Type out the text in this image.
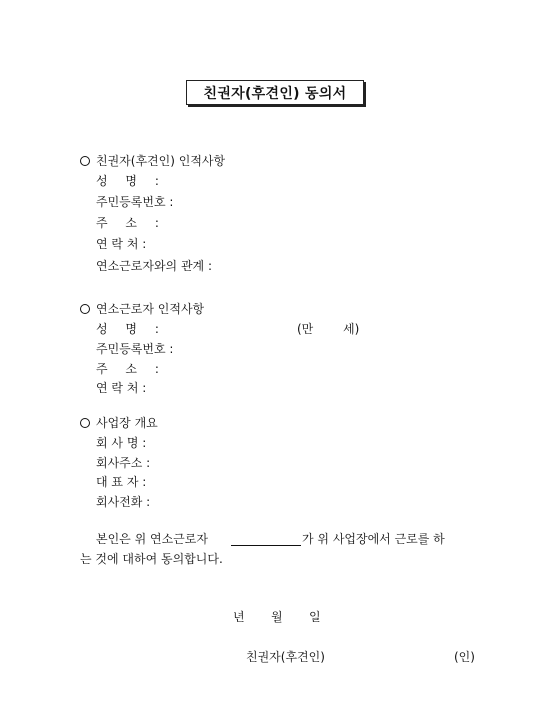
친권자(후견인) 동의서
친권자(후견인) 인적사항
성 명 :
주민등록번호 :
주 소 :
연 락 처 :
연소근로자와의 관계 :
연소근로자 인적사항
성 명 :	(만 세)
주민등록번호 :
주 소 :
연 락 처 :
사업장 개요
회 사 명 :
회사주소 :
대 표 자 :
회사전화 :
본인은 위 연소근로자	가 위 사업장에서 근로를 하
는 것에 대하여 동의합니다.
년 월 일
친권자(후견인)	(인)
